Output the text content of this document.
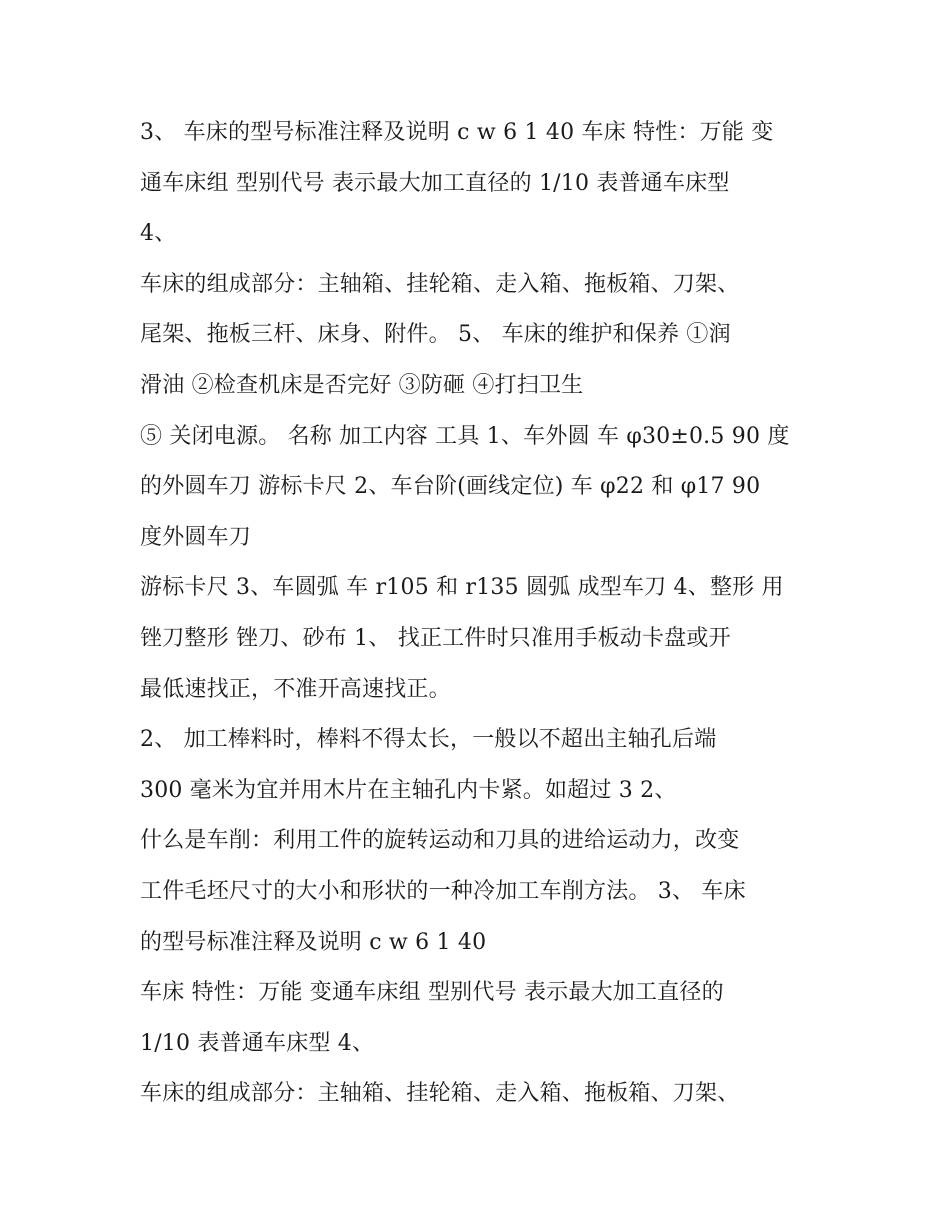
3、 车床的型号标准注释及说明 c w 6 1 40 车床 特性：万能 变
通车床组 型别代号 表示最大加工直径的 1/10 表普通车床型
4、
车床的组成部分：主轴箱、挂轮箱、走入箱、拖板箱、刀架、
尾架、拖板三杆、床身、附件。 5、 车床的维护和保养 ①润
滑油 ②检查机床是否完好 ③防砸 ④打扫卫生
⑤ 关闭电源。 名称 加工内容 工具 1、车外圆 车 φ30±0.5 90 度
的外圆车刀 游标卡尺 2、车台阶(画线定位) 车 φ22 和 φ17 90
度外圆车刀
游标卡尺 3、车圆弧 车 r105 和 r135 圆弧 成型车刀 4、整形 用
锉刀整形 锉刀、砂布 1、 找正工件时只准用手板动卡盘或开
最低速找正，不准开高速找正。
2、 加工棒料时，棒料不得太长，一般以不超出主轴孔后端
300 毫米为宜并用木片在主轴孔内卡紧。如超过 3 2、
什么是车削：利用工件的旋转运动和刀具的进给运动力，改变
工件毛坯尺寸的大小和形状的一种冷加工车削方法。 3、 车床
的型号标准注释及说明 c w 6 1 40
车床 特性：万能 变通车床组 型别代号 表示最大加工直径的
1/10 表普通车床型 4、
车床的组成部分：主轴箱、挂轮箱、走入箱、拖板箱、刀架、
